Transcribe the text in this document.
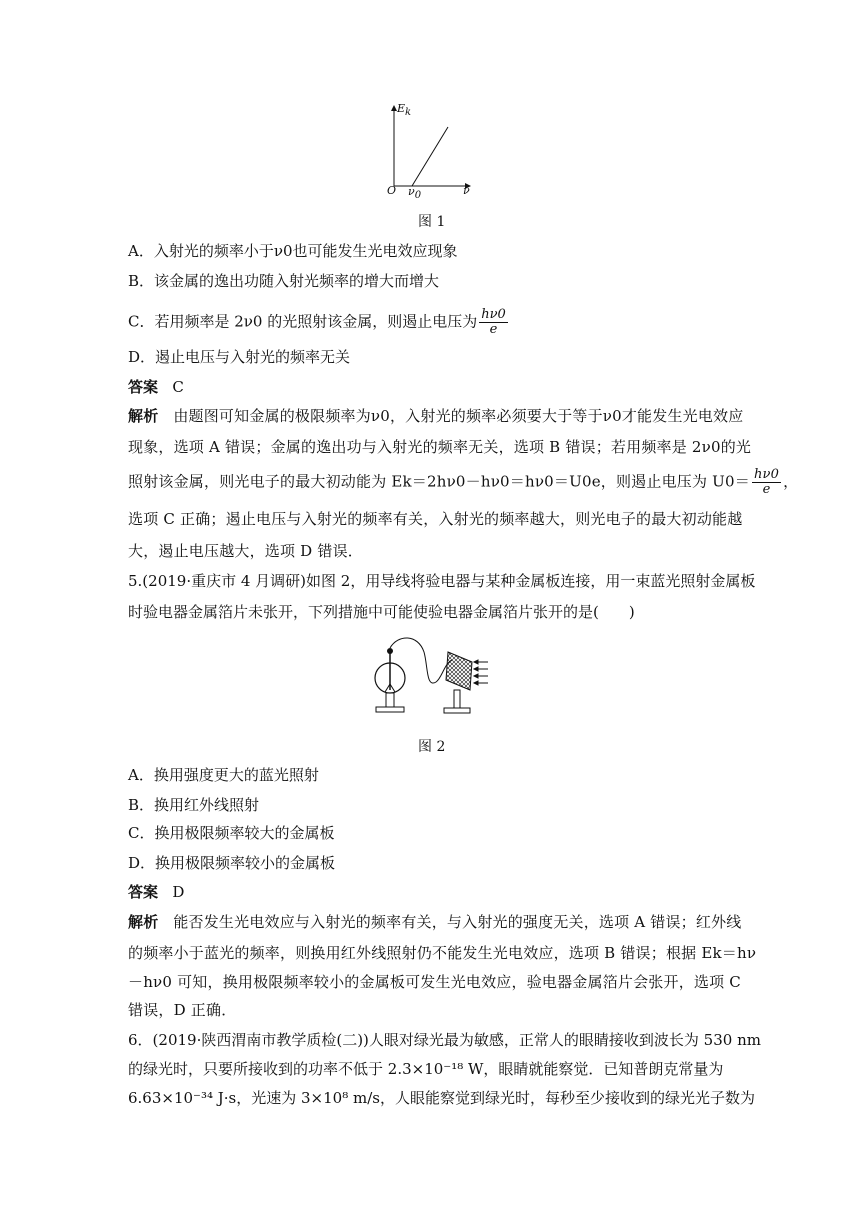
$E_k$
O $\nu_0$	ν
图 1
A．入射光的频率小于ν0也可能发生光电效应现象
B．该金属的逸出功随入射光频率的增大而增大
C．若用频率是 2ν0 的光照射该金属，则遏止电压为 $\frac{h\nu 0}{e}$
D．遏止电压与入射光的频率无关
答案 C
解析 由题图可知金属的极限频率为ν0，入射光的频率必须要大于等于ν0才能发生光电效应
现象，选项 A 错误；金属的逸出功与入射光的频率无关，选项 B 错误；若用频率是 2ν0的光
照射该金属，则光电子的最大初动能为 Ek＝2hν0－hν0＝hν0＝U0e，则遏止电压为 $U0= \frac{h\nu 0}{e}$ ，
选项 C 正确；遏止电压与入射光的频率有关，入射光的频率越大，则光电子的最大初动能越
大，遏止电压越大，选项 D 错误．
5.(2019·重庆市 4 月调研)如图 2，用导线将验电器与某种金属板连接，用一束蓝光照射金属板
时验电器金属箔片未张开，下列措施中可能使验电器金属箔片张开的是(　　)
图 2
A．换用强度更大的蓝光照射
B．换用红外线照射
C．换用极限频率较大的金属板
D．换用极限频率较小的金属板
答案 D
解析 能否发生光电效应与入射光的频率有关，与入射光的强度无关，选项 A 错误；红外线
的频率小于蓝光的频率，则换用红外线照射仍不能发生光电效应，选项 B 错误；根据 Ek＝hν
－hν0 可知，换用极限频率较小的金属板可发生光电效应，验电器金属箔片会张开，选项 C
错误，D 正确．
6．(2019·陕西渭南市教学质检(二))人眼对绿光最为敏感，正常人的眼睛接收到波长为 530 nm
的绿光时，只要所接收到的功率不低于 2.3×10⁻¹⁸ W，眼睛就能察觉．已知普朗克常量为
6.63×10⁻³⁴ J·s，光速为 3×10⁸ m/s，人眼能察觉到绿光时，每秒至少接收到的绿光光子数为
